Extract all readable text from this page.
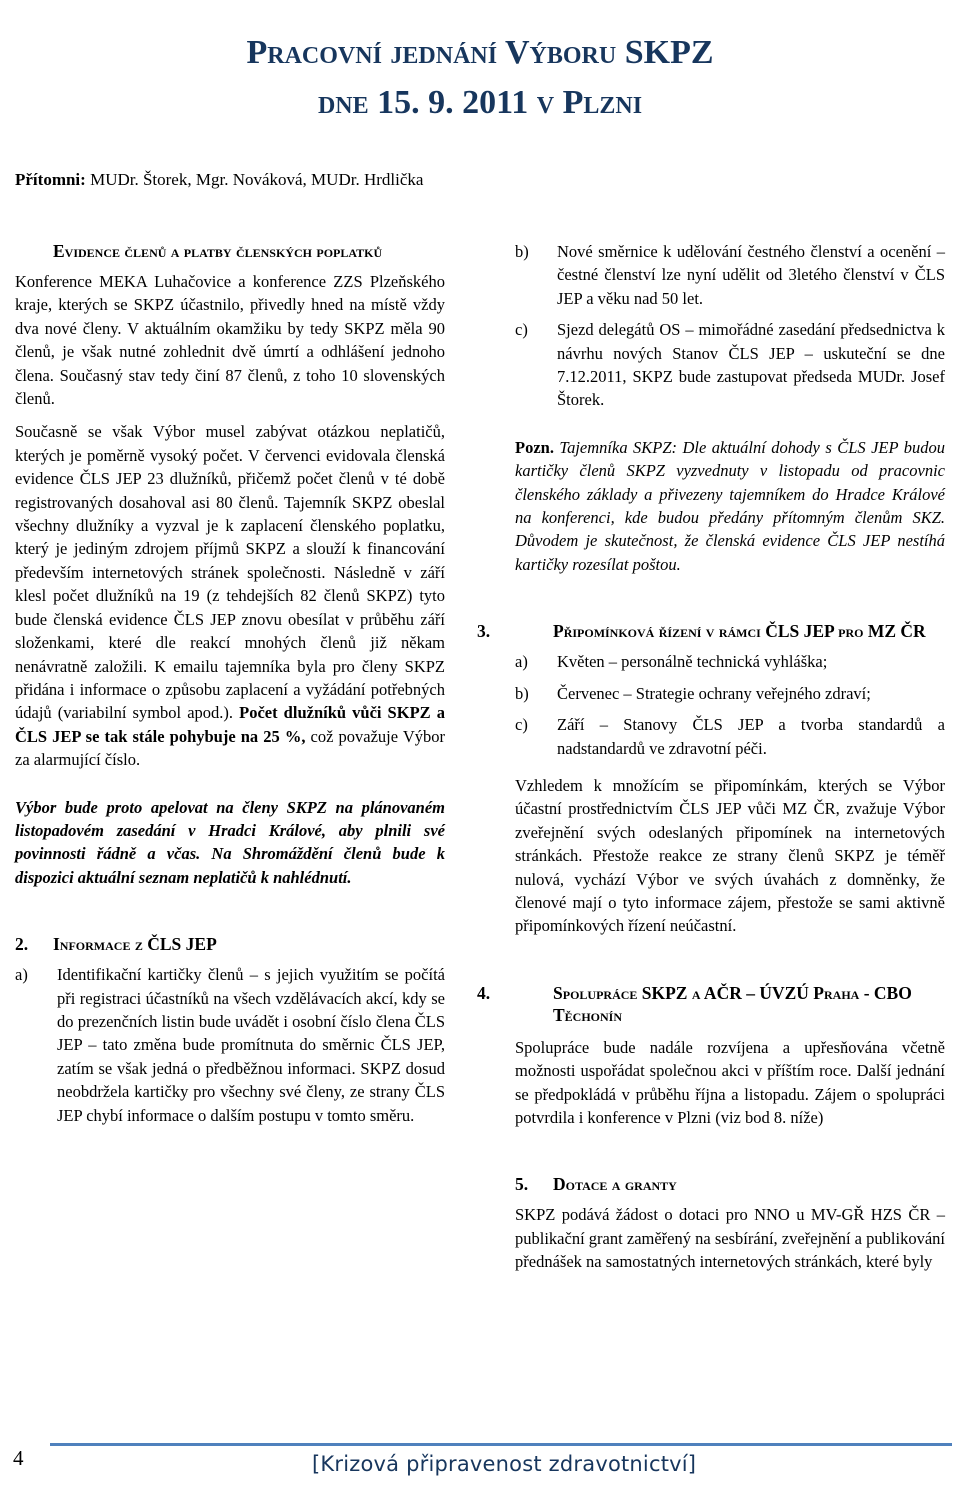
Pracovní jednání Výboru SKPZ
dne 15. 9. 2011 v Plzni
Přítomni: MUDr. Štorek, Mgr. Nováková, MUDr. Hrdlička
Evidence členů a platby členských poplatků

Konference MEKA Luhačovice a konference ZZS Plzeňského kraje, kterých se SKPZ účastnilo, přivedly hned na místě vždy dva nové členy. V aktuálním okamžiku by tedy SKPZ měla 90 členů, je však nutné zohlednit dvě úmrtí a odhlášení jednoho člena. Současný stav tedy činí 87 členů, z toho 10 slovenských členů.

Současně se však Výbor musel zabývat otázkou neplatičů, kterých je poměrně vysoký počet. V červenci evidovala členská evidence ČLS JEP 23 dlužníků, přičemž počet členů v té době registrovaných dosahoval asi 80 členů. Tajemník SKPZ obeslal všechny dlužníky a vyzval je k zaplacení členského poplatku, který je jediným zdrojem příjmů SKPZ a slouží k financování především internetových stránek společnosti. Následně v září klesl počet dlužníků na 19 (z tehdejších 82 členů SKPZ) tyto bude členská evidence ČLS JEP znovu obesílat v průběhu září složenkami, které dle reakcí mnohých členů již někam nenávratně založili. K emailu tajemníka byla pro členy SKPZ přidána i informace o způsobu zaplacení a vyžádání potřebných údajů (variabilní symbol apod.). Počet dlužníků vůči SKPZ a ČLS JEP se tak stále pohybuje na 25 %, což považuje Výbor za alarmující číslo.

Výbor bude proto apelovat na členy SKPZ na plánovaném listopadovém zasedání v Hradci Králové, aby plnili své povinnosti řádně a včas. Na Shromáždění členů bude k dispozici aktuální seznam neplatičů k nahlédnutí.

2. Informace z ČLS JEP
a)	Identifikační kartičky členů – s jejich využitím se počítá při registraci účastníků na všech vzdělávacích akcí, kdy se do prezenčních listin bude uvádět i osobní číslo člena ČLS JEP – tato změna bude promítnuta do směrnic ČLS JEP, zatím se však jedná o předběžnou informaci. SKPZ dosud neobdržela kartičky pro všechny své členy, ze strany ČLS JEP chybí informace o dalším postupu v tomto směru.
b)	Nové směrnice k udělování čestného členství a ocenění – čestné členství lze nyní udělit od 3letého členství v ČLS JEP a věku nad 50 let.
c)	Sjezd delegátů OS – mimořádné zasedání předsednictva k návrhu nových Stanov ČLS JEP – uskuteční se dne 7.12.2011, SKPZ bude zastupovat předseda MUDr. Josef Štorek.

Pozn. Tajemníka SKPZ: Dle aktuální dohody s ČLS JEP budou kartičky členů SKPZ vyzvednuty v listopadu od pracovnic členského základy a přivezeny tajemníkem do Hradce Králové na konferenci, kde budou předány přítomným členům SKZ. Důvodem je skutečnost, že členská evidence ČLS JEP nestíhá kartičky rozesílat poštou.

3.	Připomínková řízení v rámci ČLS JEP pro MZ ČR
a)	Květen – personálně technická vyhláška;
b)	Červenec – Strategie ochrany veřejného zdraví;
c)	Září – Stanovy ČLS JEP a tvorba standardů a nadstandardů ve zdravotní péči.

Vzhledem k množícím se připomínkám, kterých se Výbor účastní prostřednictvím ČLS JEP vůči MZ ČR, zvažuje Výbor zveřejnění svých odeslaných připomínek na internetových stránkách. Přestože reakce ze strany členů SKPZ je téměř nulová, vychází Výbor ve svých úvahách z domněnky, že členové mají o tyto informace zájem, přestože se sami aktivně připomínkových řízení neúčastní.

4.	Spolupráce SKPZ a AČR – ÚVZÚ Praha - CBO Těchonín

Spolupráce bude nadále rozvíjena a upřesňována včetně možnosti uspořádat společnou akci v příštím roce. Další jednání se předpokládá v průběhu října a listopadu. Zájem o spolupráci potvrdila i konference v Plzni (viz bod 8. níže)

5. Dotace a granty

SKPZ podává žádost o dotaci pro NNO u MV-GŘ HZS ČR – publikační grant zaměřený na sesbírání, zveřejnění a publikování přednášek na samostatných internetových stránkách, které byly

4	[Krizová připravenost zdravotnictví]
